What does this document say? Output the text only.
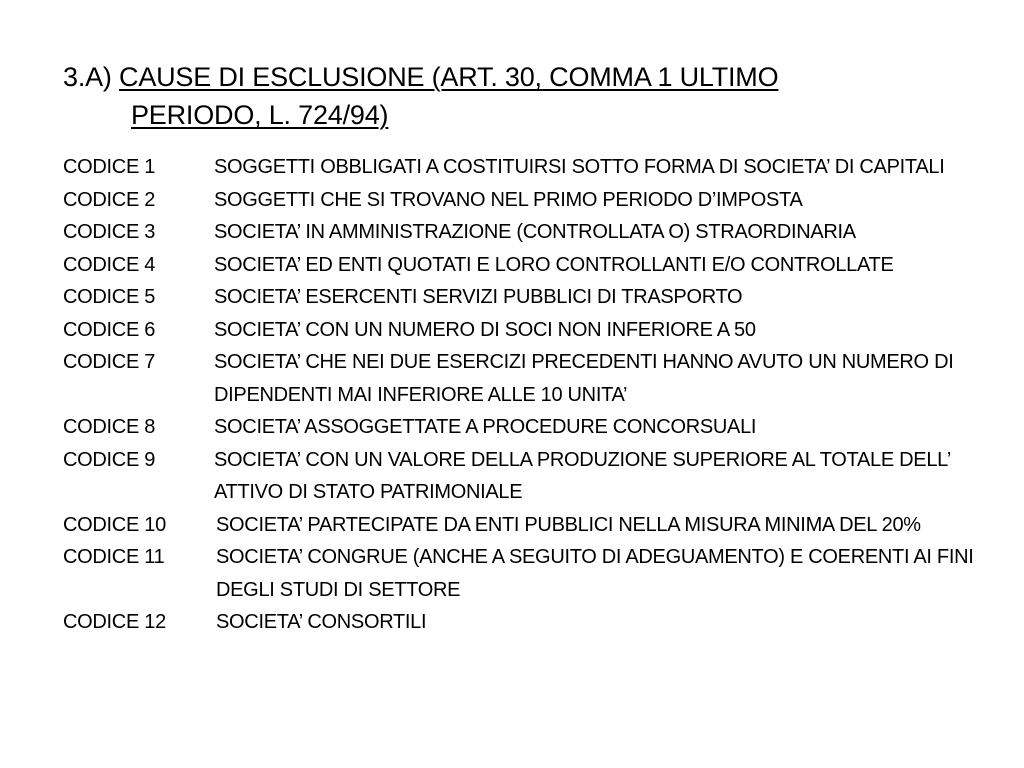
3.A) CAUSE DI ESCLUSIONE (ART. 30, COMMA 1 ULTIMO
PERIODO, L. 724/94)
CODICE 1	SOGGETTI OBBLIGATI A COSTITUIRSI SOTTO FORMA DI SOCIETA’ DI CAPITALI
CODICE 2	SOGGETTI CHE SI TROVANO NEL PRIMO PERIODO D’IMPOSTA
CODICE 3	SOCIETA’ IN AMMINISTRAZIONE (CONTROLLATA O) STRAORDINARIA
CODICE 4	SOCIETA’ ED ENTI QUOTATI E LORO CONTROLLANTI E/O CONTROLLATE
CODICE 5	SOCIETA’ ESERCENTI SERVIZI PUBBLICI DI TRASPORTO
CODICE 6	SOCIETA’ CON UN NUMERO DI SOCI NON INFERIORE A 50
CODICE 7	SOCIETA’ CHE NEI DUE ESERCIZI PRECEDENTI HANNO AVUTO UN NUMERO DI DIPENDENTI MAI INFERIORE ALLE 10 UNITA’
CODICE 8	SOCIETA’ ASSOGGETTATE A PROCEDURE CONCORSUALI
CODICE 9	SOCIETA’ CON UN VALORE DELLA PRODUZIONE SUPERIORE AL TOTALE DELL’ ATTIVO DI STATO PATRIMONIALE
CODICE 10	SOCIETA’ PARTECIPATE DA ENTI PUBBLICI NELLA MISURA MINIMA DEL 20%
CODICE 11	SOCIETA’ CONGRUE (ANCHE A SEGUITO DI ADEGUAMENTO) E COERENTI AI FINI DEGLI STUDI DI SETTORE
CODICE 12	SOCIETA’ CONSORTILI
